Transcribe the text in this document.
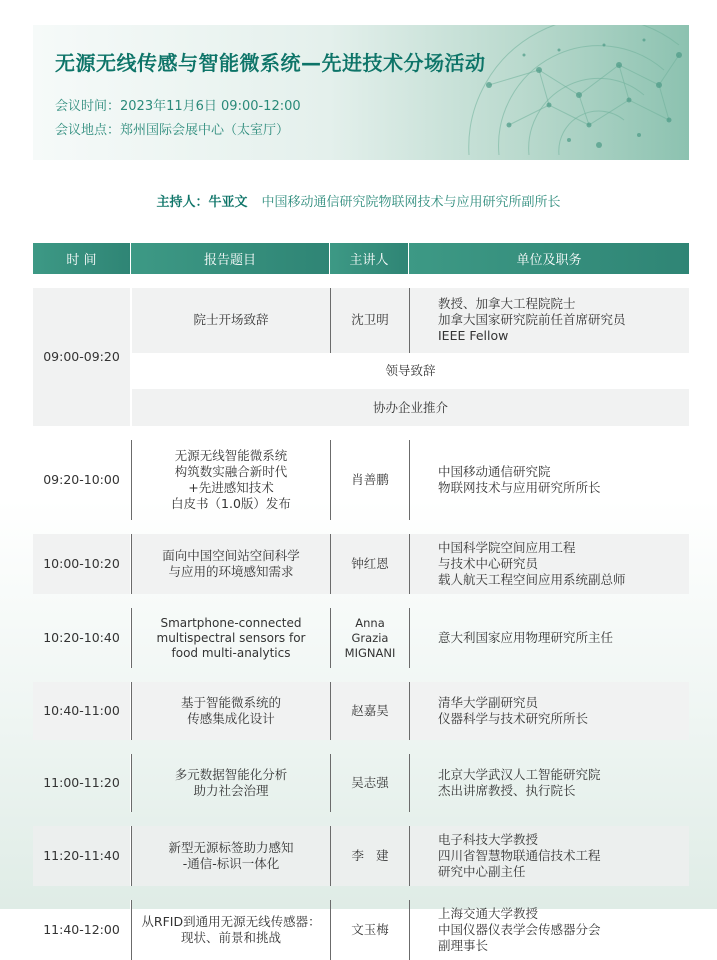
无源无线传感与智能微系统—先进技术分场活动

会议时间：2023年11月6日 09:00-12:00

会议地点：郑州国际会展中心（太室厅）

主持人：牛亚文 中国移动通信研究院物联网技术与应用研究所副所长
时 间	报告题目	主讲人	单位及职务

09:00-09:20	院士开场致辞	沈卫明	教授、加拿大工程院院士
加拿大国家研究院前任首席研究员
IEEE Fellow
	领导致辞		
	协办企业推介		

09:20-10:00	无源无线智能微系统
构筑数实融合新时代
+先进感知技术
白皮书（1.0版）发布	肖善鹏	中国移动通信研究院
物联网技术与应用研究所所长

10:00-10:20	面向中国空间站空间科学
与应用的环境感知需求	钟红恩	中国科学院空间应用工程
与技术中心研究员
载人航天工程空间应用系统副总师

10:20-10:40	Smartphone-connected
multispectral sensors for
food multi-analytics	Anna Grazia
MIGNANI	意大利国家应用物理研究所主任

10:40-11:00	基于智能微系统的
传感集成化设计	赵嘉昊	清华大学副研究员
仪器科学与技术研究所所长

11:00-11:20	多元数据智能化分析
助力社会治理	吴志强	北京大学武汉人工智能研究院
杰出讲席教授、执行院长

11:20-11:40	新型无源标签助力感知
-通信-标识一体化	李   建	电子科技大学教授
四川省智慧物联通信技术工程
研究中心副主任

11:40-12:00	从RFID到通用无源无线传感器：
现状、前景和挑战	文玉梅	上海交通大学教授
中国仪器仪表学会传感器分会
副理事长
